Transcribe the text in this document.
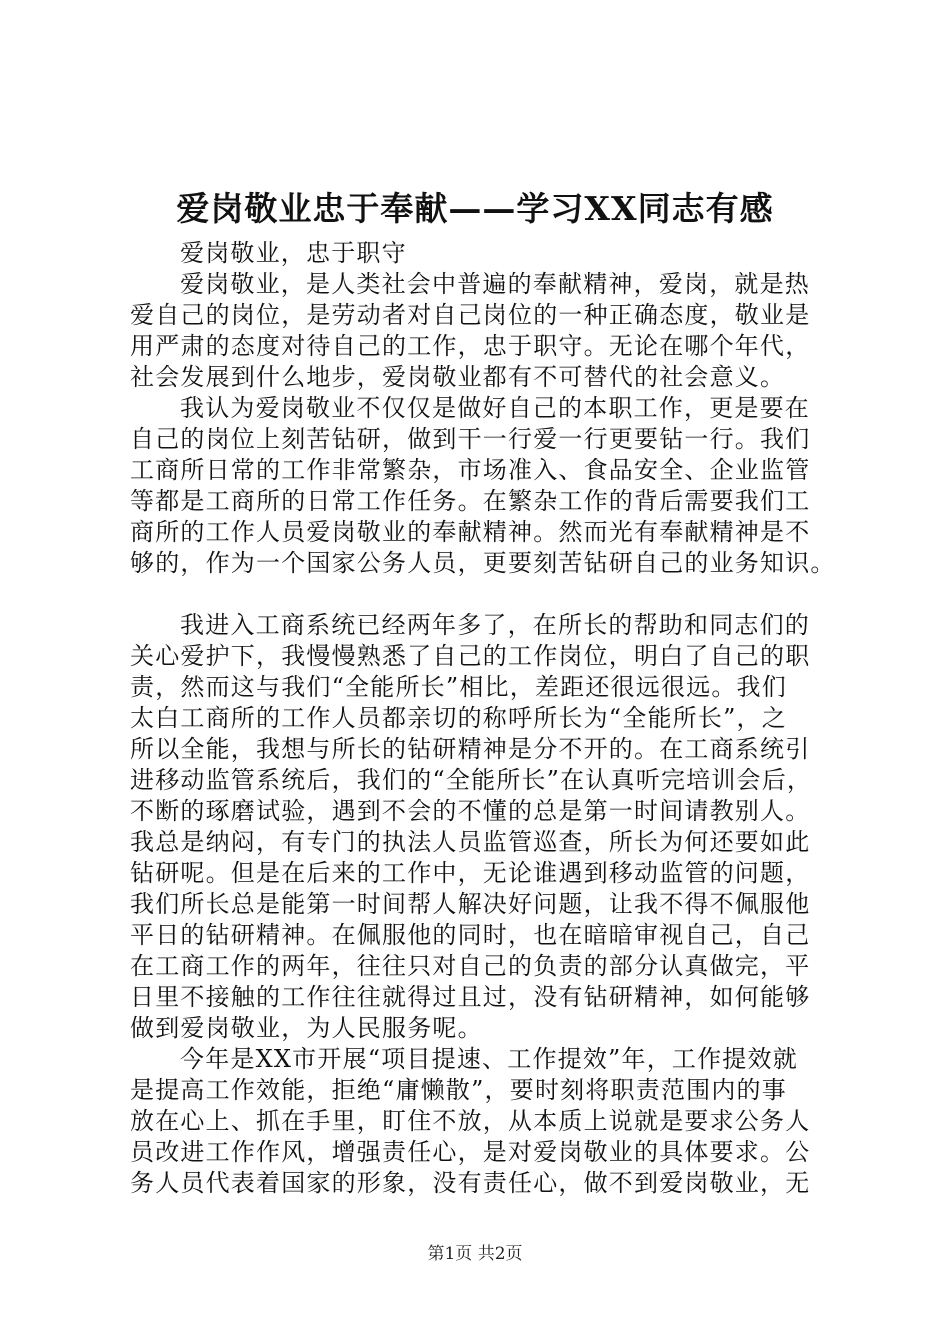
爱岗敬业忠于奉献——学习XX同志有感
爱岗敬业，忠于职守
爱岗敬业，是人类社会中普遍的奉献精神，爱岗，就是热
爱自己的岗位，是劳动者对自己岗位的一种正确态度，敬业是
用严肃的态度对待自己的工作，忠于职守。无论在哪个年代，
社会发展到什么地步，爱岗敬业都有不可替代的社会意义。
我认为爱岗敬业不仅仅是做好自己的本职工作，更是要在
自己的岗位上刻苦钻研，做到干一行爱一行更要钻一行。我们
工商所日常的工作非常繁杂，市场准入、食品安全、企业监管
等都是工商所的日常工作任务。在繁杂工作的背后需要我们工
商所的工作人员爱岗敬业的奉献精神。然而光有奉献精神是不
够的，作为一个国家公务人员，更要刻苦钻研自己的业务知识。
我进入工商系统已经两年多了，在所长的帮助和同志们的
关心爱护下，我慢慢熟悉了自己的工作岗位，明白了自己的职
责，然而这与我们“全能所长”相比，差距还很远很远。我们
太白工商所的工作人员都亲切的称呼所长为“全能所长”，之
所以全能，我想与所长的钻研精神是分不开的。在工商系统引
进移动监管系统后，我们的“全能所长”在认真听完培训会后，
不断的琢磨试验，遇到不会的不懂的总是第一时间请教别人。
我总是纳闷，有专门的执法人员监管巡查，所长为何还要如此
钻研呢。但是在后来的工作中，无论谁遇到移动监管的问题，
我们所长总是能第一时间帮人解决好问题，让我不得不佩服他
平日的钻研精神。在佩服他的同时，也在暗暗审视自己，自己
在工商工作的两年，往往只对自己的负责的部分认真做完，平
日里不接触的工作往往就得过且过，没有钻研精神，如何能够
做到爱岗敬业，为人民服务呢。
今年是XX市开展“项目提速、工作提效”年，工作提效就
是提高工作效能，拒绝“庸懒散”，要时刻将职责范围内的事
放在心上、抓在手里，盯住不放，从本质上说就是要求公务人
员改进工作作风，增强责任心，是对爱岗敬业的具体要求。公
务人员代表着国家的形象，没有责任心，做不到爱岗敬业，无
第1页 共2页
